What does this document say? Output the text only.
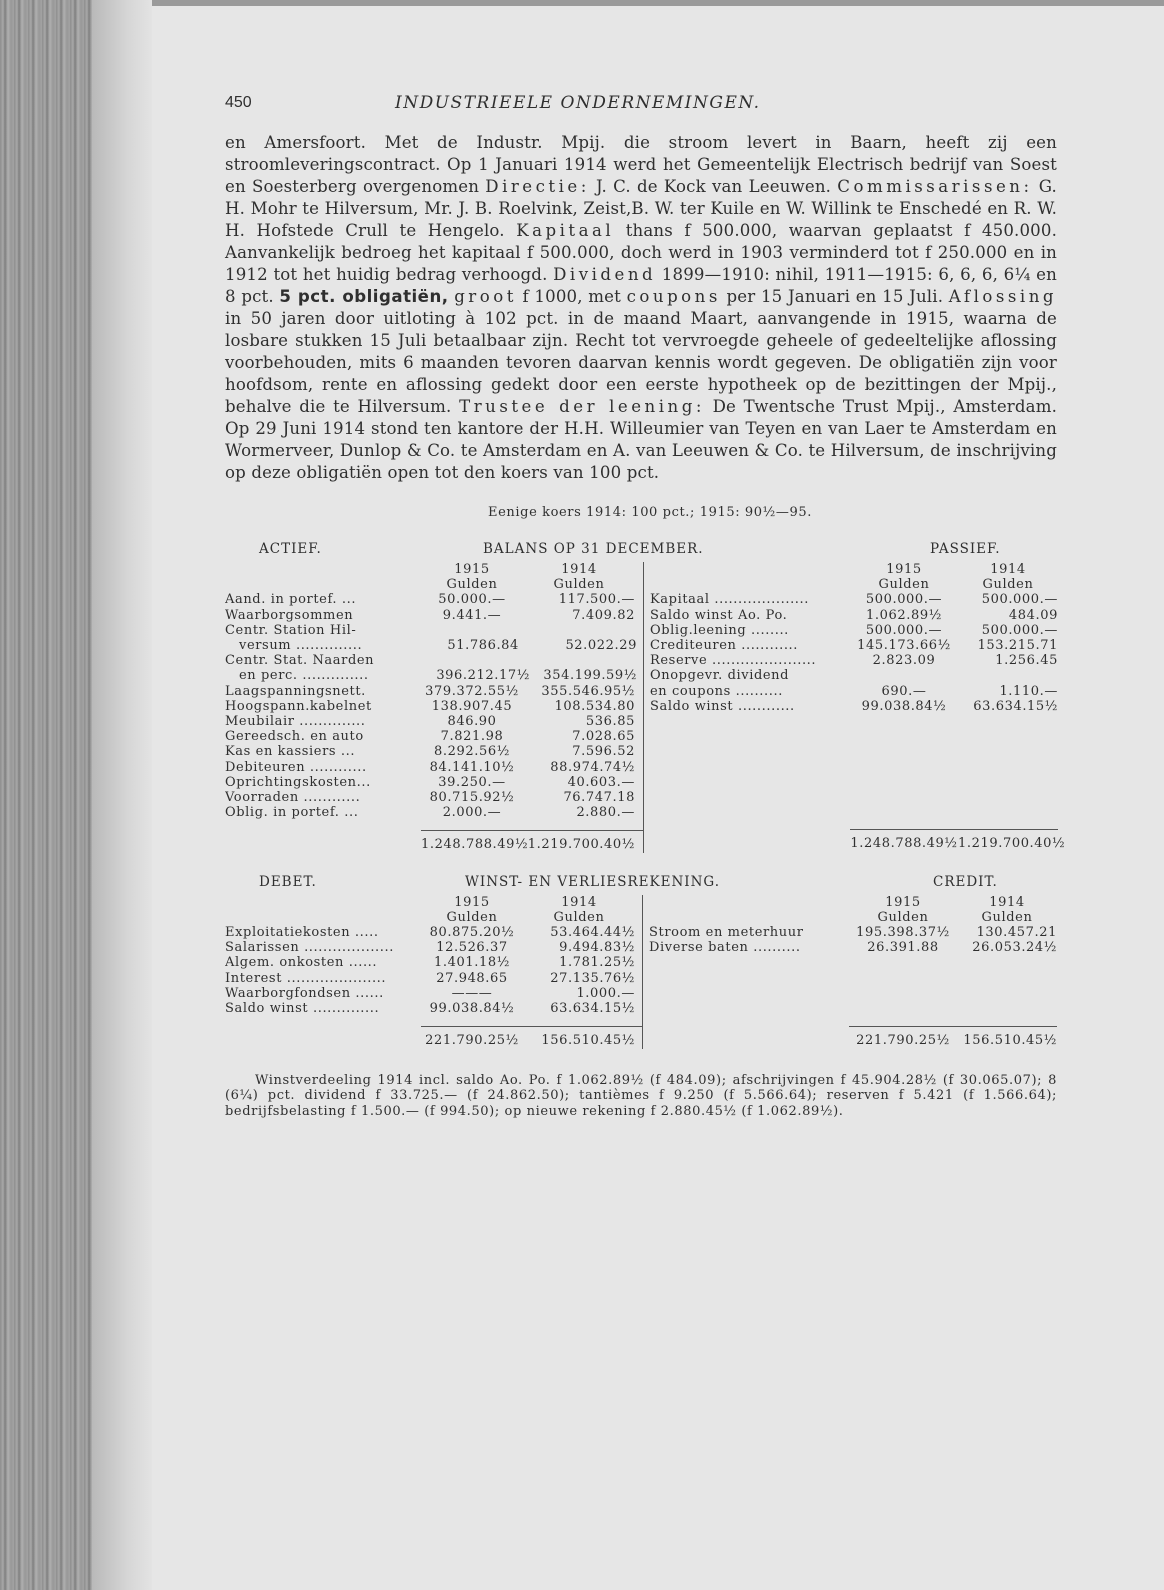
450	INDUSTRIEELE ONDERNEMINGEN.
en Amersfoort. Met de Industr. Mpij. die stroom levert in Baarn, heeft zij een stroomleveringscontract. Op 1 Januari 1914 werd het Gemeentelijk Electrisch bedrijf van Soest en Soesterberg overgenomen Directie: J. C. de Kock van Leeuwen. Commissarissen: G. H. Mohr te Hilversum, Mr. J. B. Roelvink, Zeist,B. W. ter Kuile en W. Willink te Enschedé en R. W. H. Hofstede Crull te Hengelo. Kapitaal thans f 500.000, waarvan geplaatst f 450.000. Aanvankelijk bedroeg het kapitaal f 500.000, doch werd in 1903 verminderd tot f 250.000 en in 1912 tot het huidig bedrag verhoogd. Dividend 1899—1910: nihil, 1911—1915: 6, 6, 6, 6¼ en 8 pct. 5 pct. obligatiën, groot f 1000, met coupons per 15 Januari en 15 Juli. Aflossing in 50 jaren door uitloting à 102 pct. in de maand Maart, aanvangende in 1915, waarna de losbare stukken 15 Juli betaalbaar zijn. Recht tot vervroegde geheele of gedeeltelijke aflossing voorbehouden, mits 6 maanden tevoren daarvan kennis wordt gegeven. De obligatiën zijn voor hoofdsom, rente en aflossing gedekt door een eerste hypotheek op de bezittingen der Mpij., behalve die te Hilversum. Trustee der leening: De Twentsche Trust Mpij., Amsterdam. Op 29 Juni 1914 stond ten kantore der H.H. Willeumier van Teyen en van Laer te Amsterdam en Wormerveer, Dunlop & Co. te Amsterdam en A. van Leeuwen & Co. te Hilversum, de inschrijving op deze obligatiën open tot den koers van 100 pct.
Eenige koers 1914: 100 pct.; 1915: 90½—95.
ACTIEF.	BALANS OP 31 DECEMBER.	PASSIEF.
1915	1914
Gulden	Gulden
Aand. in portef. ...	50.000.—	117.500.—
Waarborgsommen	9.441.—	7.409.82
Centr. Station Hil-
versum ..............	51.786.84	52.022.29
Centr. Stat. Naarden
en perc. ..............	396.212.17½	354.199.59½
Laagspanningsnett.	379.372.55½	355.546.95½
Hoogspann.kabelnet	138.907.45	108.534.80
Meubilair ..............	846.90	536.85
Gereedsch. en auto	7.821.98	7.028.65
Kas en kassiers ...	8.292.56½	7.596.52
Debiteuren ............	84.141.10½	88.974.74½
Oprichtingskosten...	39.250.—	40.603.—
Voorraden ............	80.715.92½	76.747.18
Oblig. in portef. ...	2.000.—	2.880.—
1.248.788.49½ 1.219.700.40½
1915	1914
Gulden	Gulden
Kapitaal ....................	500.000.—	500.000.—
Saldo winst Ao. Po.	1.062.89½	484.09
Oblig.leening ........	500.000.—	500.000.—
Crediteuren ............	145.173.66½	153.215.71
Reserve ......................	2.823.09	1.256.45
Onopgevr. dividend
en coupons ..........	690.—	1.110.—
Saldo winst ............	99.038.84½	63.634.15½
1.248.788.49½ 1.219.700.40½
DEBET.	WINST- EN VERLIESREKENING.	CREDIT.
1915	1914
Gulden	Gulden
Exploitatiekosten .....	80.875.20½	53.464.44½
Salarissen ...................	12.526.37	9.494.83½
Algem. onkosten ......	1.401.18½	1.781.25½
Interest .....................	27.948.65	27.135.76½
Waarborgfondsen ......	———	1.000.—
Saldo winst ..............	99.038.84½	63.634.15½
221.790.25½	156.510.45½
1915	1914
Gulden	Gulden
Stroom en meterhuur	195.398.37½	130.457.21
Diverse baten ..........	26.391.88	26.053.24½
221.790.25½	156.510.45½
Winstverdeeling 1914 incl. saldo Ao. Po. f 1.062.89½ (f 484.09); afschrijvingen f 45.904.28½ (f 30.065.07); 8 (6¼) pct. dividend f 33.725.— (f 24.862.50); tantièmes f 9.250 (f 5.566.64); reserven f 5.421 (f 1.566.64); bedrijfsbelasting f 1.500.— (f 994.50); op nieuwe rekening f 2.880.45½ (f 1.062.89½).
